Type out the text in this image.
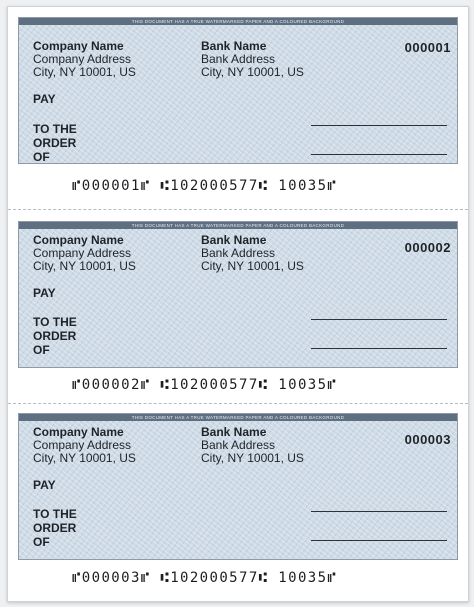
THIS DOCUMENT HAS A TRUE WATERMARKED PAPER AND A COLOURED BACKGROUND
Company Name
Company Address
City, NY 10001, US
Bank Name
Bank Address
City, NY 10001, US
000001
PAY
TO THE
ORDER
OF
⑈000001⑈ ⑆102000577⑆ 10035⑈
THIS DOCUMENT HAS A TRUE WATERMARKED PAPER AND A COLOURED BACKGROUND
Company Name
Company Address
City, NY 10001, US
Bank Name
Bank Address
City, NY 10001, US
000002
PAY
TO THE
ORDER
OF
⑈000002⑈ ⑆102000577⑆ 10035⑈
THIS DOCUMENT HAS A TRUE WATERMARKED PAPER AND A COLOURED BACKGROUND
Company Name
Company Address
City, NY 10001, US
Bank Name
Bank Address
City, NY 10001, US
000003
PAY
TO THE
ORDER
OF
⑈000003⑈ ⑆102000577⑆ 10035⑈
